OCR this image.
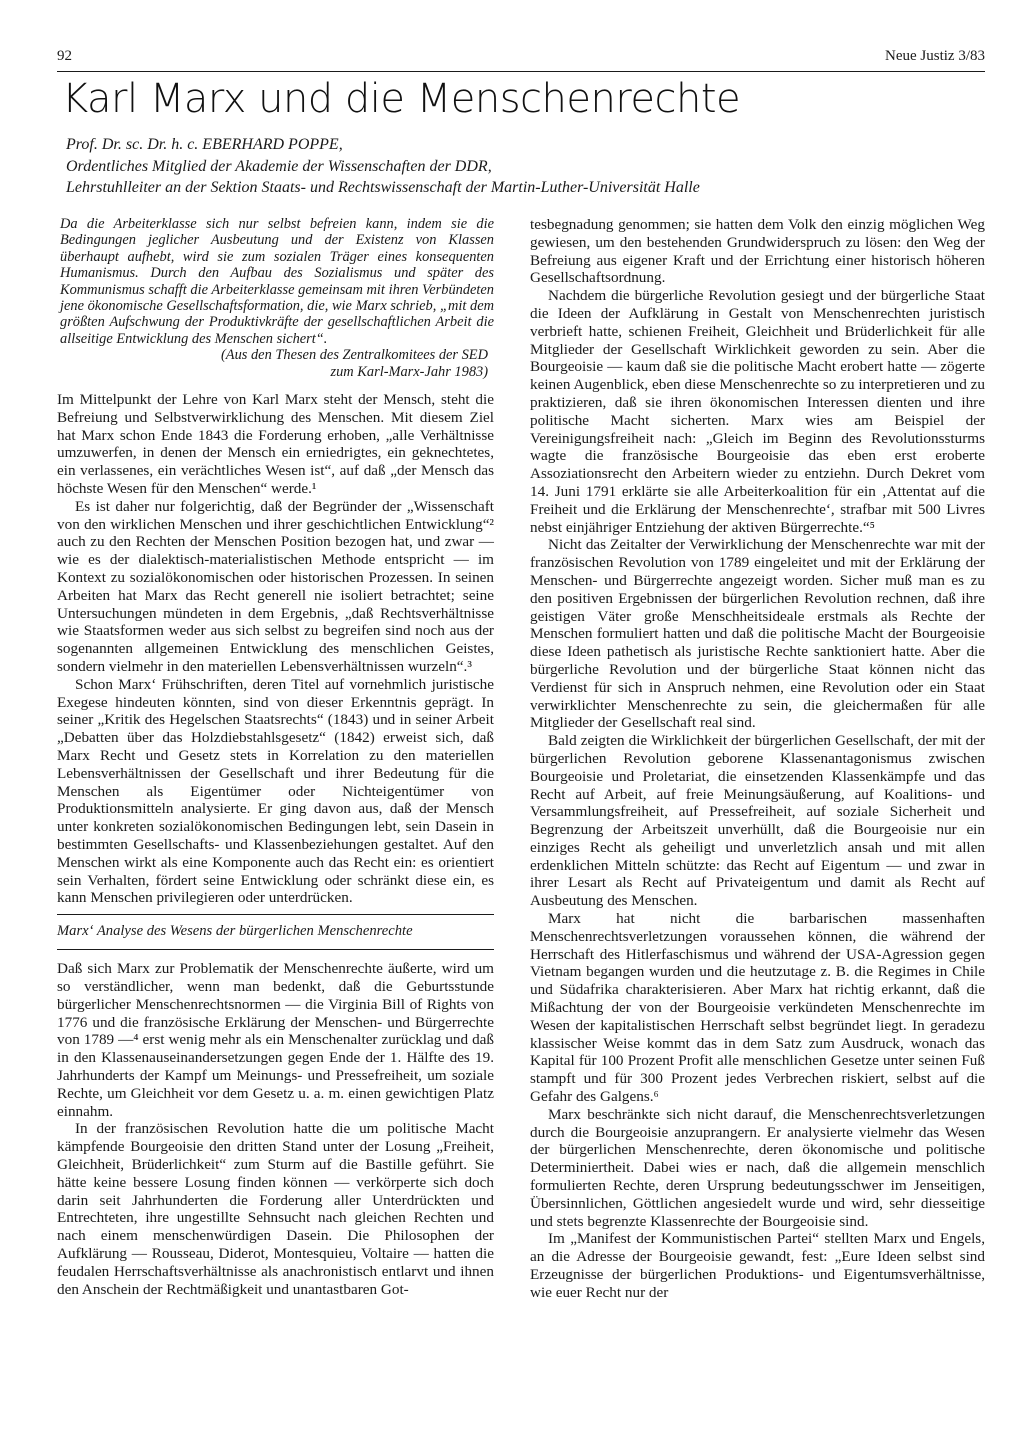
92	Neue Justiz 3/83
Karl Marx und die Menschenrechte
Prof. Dr. sc. Dr. h. c. EBERHARD POPPE,
Ordentliches Mitglied der Akademie der Wissenschaften der DDR,
Lehrstuhlleiter an der Sektion Staats- und Rechtswissenschaft der Martin-Luther-Universität Halle

Da die Arbeiterklasse sich nur selbst befreien kann, indem sie die Bedingungen jeglicher Ausbeutung und der Existenz von Klassen überhaupt aufhebt, wird sie zum sozialen Träger eines konsequenten Humanismus. Durch den Aufbau des Sozialismus und später des Kommunismus schafft die Arbeiterklasse gemeinsam mit ihren Verbündeten jene ökonomische Gesellschaftsformation, die, wie Marx schrieb, „mit dem größten Aufschwung der Produktivkräfte der gesellschaftlichen Arbeit die allseitige Entwicklung des Menschen sichert“.

(Aus den Thesen des Zentralkomitees der SED
zum Karl-Marx-Jahr 1983)

Im Mittelpunkt der Lehre von Karl Marx steht der Mensch, steht die Befreiung und Selbstverwirklichung des Menschen. Mit diesem Ziel hat Marx schon Ende 1843 die Forderung erhoben, „alle Verhältnisse umzuwerfen, in denen der Mensch ein erniedrigtes, ein geknechtetes, ein verlassenes, ein verächtliches Wesen ist“, auf daß „der Mensch das höchste Wesen für den Menschen“ werde.¹

Es ist daher nur folgerichtig, daß der Begründer der „Wissenschaft von den wirklichen Menschen und ihrer geschichtlichen Entwicklung“² auch zu den Rechten der Menschen Position bezogen hat, und zwar — wie es der dialektisch-materialistischen Methode entspricht — im Kontext zu sozialökonomischen oder historischen Prozessen. In seinen Arbeiten hat Marx das Recht generell nie isoliert betrachtet; seine Untersuchungen mündeten in dem Ergebnis, „daß Rechtsverhältnisse wie Staatsformen weder aus sich selbst zu begreifen sind noch aus der sogenannten allgemeinen Entwicklung des menschlichen Geistes, sondern vielmehr in den materiellen Lebensverhältnissen wurzeln“.³

Schon Marx‘ Frühschriften, deren Titel auf vornehmlich juristische Exegese hindeuten könnten, sind von dieser Erkenntnis geprägt. In seiner „Kritik des Hegelschen Staatsrechts“ (1843) und in seiner Arbeit „Debatten über das Holzdiebstahlsgesetz“ (1842) erweist sich, daß Marx Recht und Gesetz stets in Korrelation zu den materiellen Lebensverhältnissen der Gesellschaft und ihrer Bedeutung für die Menschen als Eigentümer oder Nichteigentümer von Produktionsmitteln analysierte. Er ging davon aus, daß der Mensch unter konkreten sozialökonomischen Bedingungen lebt, sein Dasein in bestimmten Gesellschafts- und Klassenbeziehungen gestaltet. Auf den Menschen wirkt als eine Komponente auch das Recht ein: es orientiert sein Verhalten, fördert seine Entwicklung oder schränkt diese ein, es kann Menschen privilegieren oder unterdrücken.

Marx‘ Analyse des Wesens der bürgerlichen Menschenrechte

Daß sich Marx zur Problematik der Menschenrechte äußerte, wird um so verständlicher, wenn man bedenkt, daß die Geburtsstunde bürgerlicher Menschenrechtsnormen — die Virginia Bill of Rights von 1776 und die französische Erklärung der Menschen- und Bürgerrechte von 1789 —⁴ erst wenig mehr als ein Menschenalter zurücklag und daß in den Klassenauseinandersetzungen gegen Ende der 1. Hälfte des 19. Jahrhunderts der Kampf um Meinungs- und Pressefreiheit, um soziale Rechte, um Gleichheit vor dem Gesetz u. a. m. einen gewichtigen Platz einnahm.

In der französischen Revolution hatte die um politische Macht kämpfende Bourgeoisie den dritten Stand unter der Losung „Freiheit, Gleichheit, Brüderlichkeit“ zum Sturm auf die Bastille geführt. Sie hätte keine bessere Losung finden können — verkörperte sich doch darin seit Jahrhunderten die Forderung aller Unterdrückten und Entrechteten, ihre ungestillte Sehnsucht nach gleichen Rechten und nach einem menschenwürdigen Dasein. Die Philosophen der Aufklärung — Rousseau, Diderot, Montesquieu, Voltaire — hatten die feudalen Herrschaftsverhältnisse als anachronistisch entlarvt und ihnen den Anschein der Rechtmäßigkeit und unantastbaren Got-

tesbegnadung genommen; sie hatten dem Volk den einzig möglichen Weg gewiesen, um den bestehenden Grundwiderspruch zu lösen: den Weg der Befreiung aus eigener Kraft und der Errichtung einer historisch höheren Gesellschaftsordnung.

Nachdem die bürgerliche Revolution gesiegt und der bürgerliche Staat die Ideen der Aufklärung in Gestalt von Menschenrechten juristisch verbrieft hatte, schienen Freiheit, Gleichheit und Brüderlichkeit für alle Mitglieder der Gesellschaft Wirklichkeit geworden zu sein. Aber die Bourgeoisie — kaum daß sie die politische Macht erobert hatte — zögerte keinen Augenblick, eben diese Menschenrechte so zu interpretieren und zu praktizieren, daß sie ihren ökonomischen Interessen dienten und ihre politische Macht sicherten. Marx wies am Beispiel der Vereinigungsfreiheit nach: „Gleich im Beginn des Revolutionssturms wagte die französische Bourgeoisie das eben erst eroberte Assoziationsrecht den Arbeitern wieder zu entziehn. Durch Dekret vom 14. Juni 1791 erklärte sie alle Arbeiterkoalition für ein ‚Attentat auf die Freiheit und die Erklärung der Menschenrechte‘, strafbar mit 500 Livres nebst einjähriger Entziehung der aktiven Bürgerrechte.“⁵

Nicht das Zeitalter der Verwirklichung der Menschenrechte war mit der französischen Revolution von 1789 eingeleitet und mit der Erklärung der Menschen- und Bürgerrechte angezeigt worden. Sicher muß man es zu den positiven Ergebnissen der bürgerlichen Revolution rechnen, daß ihre geistigen Väter große Menschheitsideale erstmals als Rechte der Menschen formuliert hatten und daß die politische Macht der Bourgeoisie diese Ideen pathetisch als juristische Rechte sanktioniert hatte. Aber die bürgerliche Revolution und der bürgerliche Staat können nicht das Verdienst für sich in Anspruch nehmen, eine Revolution oder ein Staat verwirklichter Menschenrechte zu sein, die gleichermaßen für alle Mitglieder der Gesellschaft real sind.

Bald zeigten die Wirklichkeit der bürgerlichen Gesellschaft, der mit der bürgerlichen Revolution geborene Klassenantagonismus zwischen Bourgeoisie und Proletariat, die einsetzenden Klassenkämpfe und das Recht auf Arbeit, auf freie Meinungsäußerung, auf Koalitions- und Versammlungsfreiheit, auf Pressefreiheit, auf soziale Sicherheit und Begrenzung der Arbeitszeit unverhüllt, daß die Bourgeoisie nur ein einziges Recht als geheiligt und unverletzlich ansah und mit allen erdenklichen Mitteln schützte: das Recht auf Eigentum — und zwar in ihrer Lesart als Recht auf Privateigentum und damit als Recht auf Ausbeutung des Menschen.

Marx hat nicht die barbarischen massenhaften Menschenrechtsverletzungen voraussehen können, die während der Herrschaft des Hitlerfaschismus und während der USA-Agression gegen Vietnam begangen wurden und die heutzutage z. B. die Regimes in Chile und Südafrika charakterisieren. Aber Marx hat richtig erkannt, daß die Mißachtung der von der Bourgeoisie verkündeten Menschenrechte im Wesen der kapitalistischen Herrschaft selbst begründet liegt. In geradezu klassischer Weise kommt das in dem Satz zum Ausdruck, wonach das Kapital für 100 Prozent Profit alle menschlichen Gesetze unter seinen Fuß stampft und für 300 Prozent jedes Verbrechen riskiert, selbst auf die Gefahr des Galgens.⁶

Marx beschränkte sich nicht darauf, die Menschenrechtsverletzungen durch die Bourgeoisie anzuprangern. Er analysierte vielmehr das Wesen der bürgerlichen Menschenrechte, deren ökonomische und politische Determiniertheit. Dabei wies er nach, daß die allgemein menschlich formulierten Rechte, deren Ursprung bedeutungsschwer im Jenseitigen, Übersinnlichen, Göttlichen angesiedelt wurde und wird, sehr diesseitige und stets begrenzte Klassenrechte der Bourgeoisie sind.

Im „Manifest der Kommunistischen Partei“ stellten Marx und Engels, an die Adresse der Bourgeoisie gewandt, fest: „Eure Ideen selbst sind Erzeugnisse der bürgerlichen Produktions- und Eigentumsverhältnisse, wie euer Recht nur der
